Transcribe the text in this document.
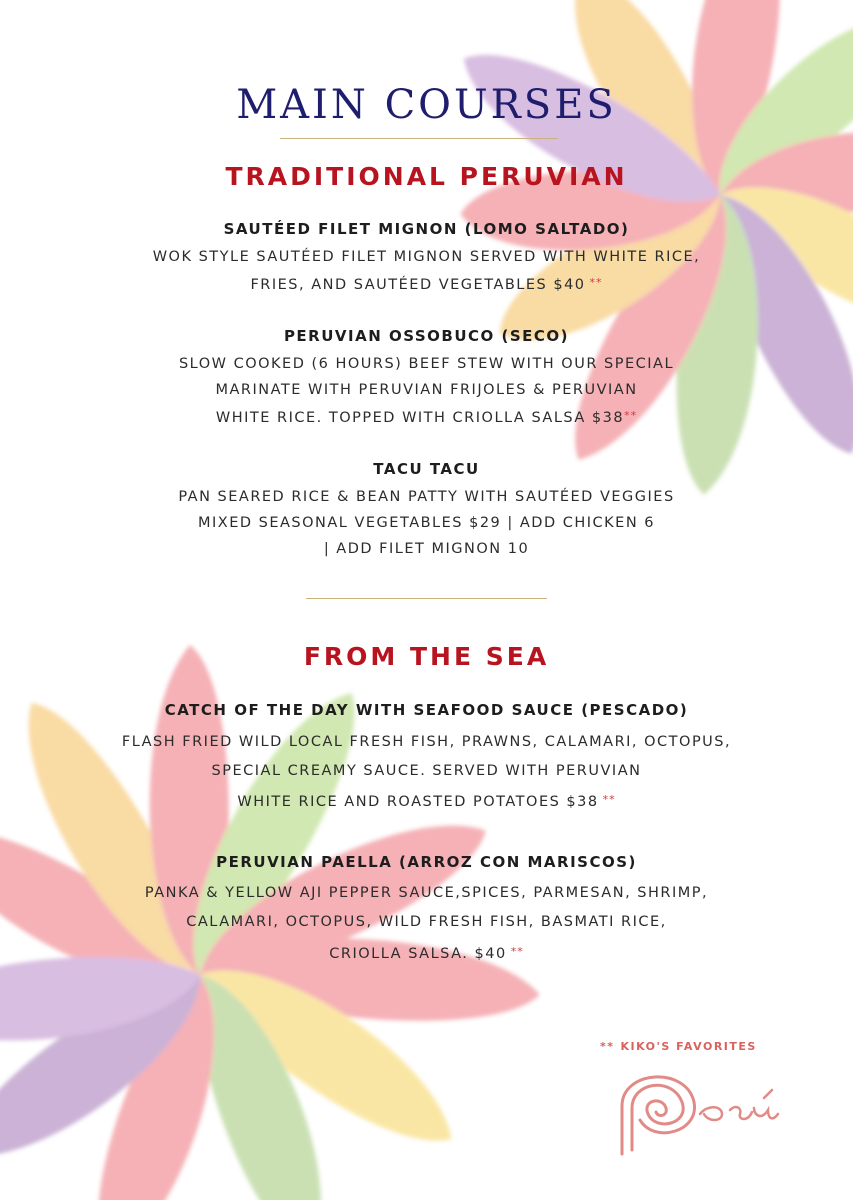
MAIN COURSES
TRADITIONAL PERUVIAN
SAUTÉED FILET MIGNON (LOMO SALTADO)
WOK STYLE SAUTÉED FILET MIGNON SERVED WITH WHITE RICE,
FRIES, AND SAUTÉED VEGETABLES $40 **
PERUVIAN OSSOBUCO (SECO)
SLOW COOKED (6 HOURS) BEEF STEW WITH OUR SPECIAL
MARINATE WITH PERUVIAN FRIJOLES & PERUVIAN
WHITE RICE. TOPPED WITH CRIOLLA SALSA $38**
TACU TACU
PAN SEARED RICE & BEAN PATTY WITH SAUTÉED VEGGIES
MIXED SEASONAL VEGETABLES $29 | ADD CHICKEN 6
| ADD FILET MIGNON 10
FROM THE SEA
CATCH OF THE DAY WITH SEAFOOD SAUCE (PESCADO)
FLASH FRIED WILD LOCAL FRESH FISH, PRAWNS, CALAMARI, OCTOPUS,
SPECIAL CREAMY SAUCE. SERVED WITH PERUVIAN
WHITE RICE AND ROASTED POTATOES $38 **
PERUVIAN PAELLA (ARROZ CON MARISCOS)
PANKA & YELLOW AJI PEPPER SAUCE,SPICES, PARMESAN, SHRIMP,
CALAMARI, OCTOPUS, WILD FRESH FISH, BASMATI RICE,
CRIOLLA SALSA. $40 **
** KIKO'S FAVORITES
